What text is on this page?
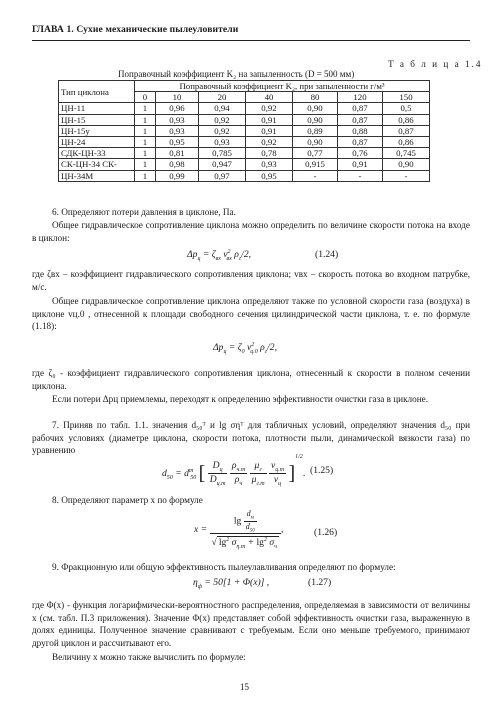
ГЛАВА 1. Сухие механические пылеуловители
Т а б л и ц а 1.4
Поправочный коэффициент K₂ на запыленность (D = 500 мм)
Тип циклона	Поправочный коэффициент K₂, при запыленности г/м³						
	0	10	20	40	80	120	150
ЦН-11	1	0,96	0,94	0,92	0,90	0,87	0,5
ЦН-15	1	0,93	0,92	0,91	0,90	0,87	0,86
ЦН-15у	1	0,93	0,92	0,91	0,89	0,88	0,87
ЦН-24	1	0,95	0,93	0,92	0,90	0,87	0,86
СДК-ЦН-33	1	0,81	0,785	0,78	0,77	0,76	0,745
СК-ЦН-34 СК-	1	0,98	0,947	0,93	0,915	0,91	0,90
ЦН-34М	1	0,99	0,97	0,95	-	-	-
6. Определяют потери давления в циклоне, Па.
Общее гидравлическое сопротивление циклона можно определить по величине скорости потока на входе в циклон:
$\Delta p_ц = \zeta_{вх}$ $v^2_{вх}$ $\rho_г/2$,	(1.24)
где ζвх – коэффициент гидравлического сопротивления циклона; vвх – скорость потока во входном патрубке, м/с.
Общее гидравлическое сопротивление циклона определяют также по условной скорости газа (воздуха) в циклоне vц.0 , отнесенной к площади свободного сечения цилиндрической части циклона, т. е. по формуле (1.18):
$\Delta p_ц = \zeta_0$ $v^2_{ц.0}$ $\rho_г/2$,
где ζ₀ - коэффициент гидравлического сопротивления циклона, отнесенный к скорости в полном сечении циклона.
Если потери Δpц приемлемы, переходят к определению эффективности очистки газа в циклоне.
7. Приняв по табл. 1.1. значения d₅₀ᵀ и lg σηᵀ для табличных условий, определяют значения d₅₀ при рабочих условиях (диаметре циклона, скорости потока, плотности пыли, динамической вязкости газа) по уравнению
$d_{50} = d^т_{50}$ [ $\frac{D_ц}{D_{ц.т}}$
$\frac{\rho_{ч.т}}{\rho_ч}$
$\frac{\mu_г}{\mu_{г.т}}$
$\frac{v_{ц.т}}{v_ц} ]^{1/2}$. (1.25)
8. Определяют параметр x по формуле
$x = \frac{\lg \frac{d_м}{d_{50}}}{√ \lg^2 \sigma_{\eta.т} + \lg^2 \sigma_ч}$ ,	(1.26)
9. Фракционную или общую эффективность пылеулавливания определяют по формуле:
$\eta_ф = 50[1 + \Phi(x)]$ ,	(1.27)
где Φ(x) - функция логарифмически-вероятностного распределения, определяемая в зависимости от величины x (см. табл. П.3 приложения). Значение Φ(x) представляет собой эффективность очистки газа, выраженную в долях единицы. Полученное значение сравнивают с требуемым. Если оно меньше требуемого, принимают другой циклон и рассчитывают его.
Величину x можно также вычислить по формуле:
15
